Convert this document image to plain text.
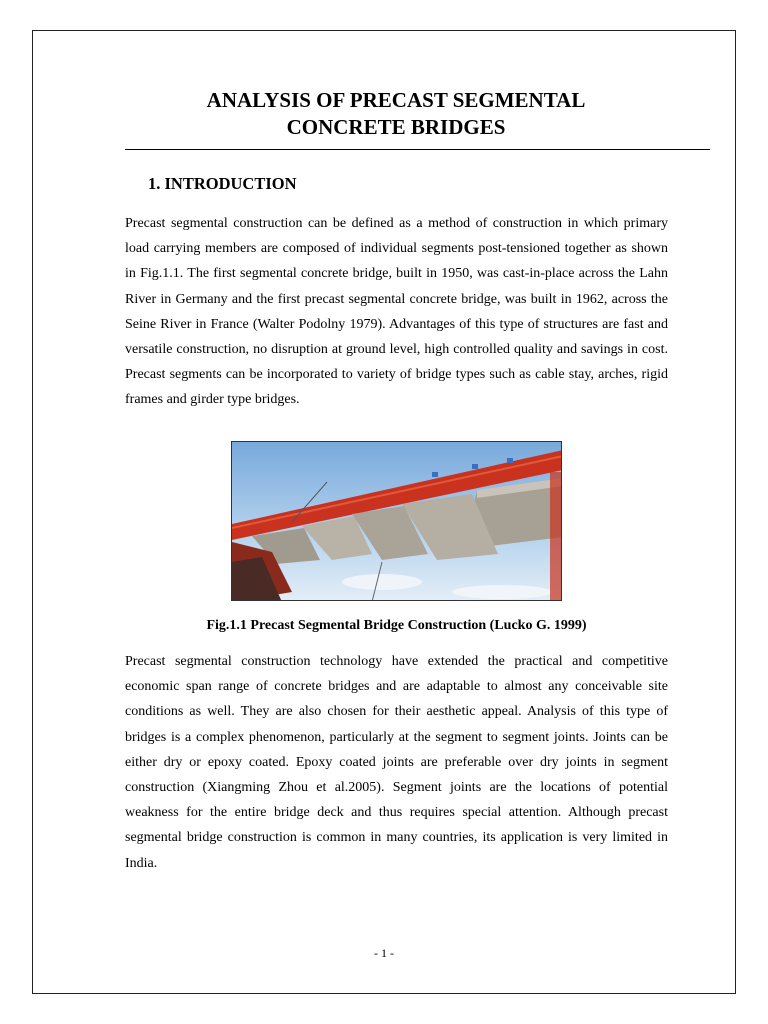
ANALYSIS OF PRECAST SEGMENTAL
CONCRETE BRIDGES
1. INTRODUCTION

Precast segmental construction can be defined as a method of construction in which primary load carrying members are composed of individual segments post-tensioned together as shown in Fig.1.1. The first segmental concrete bridge, built in 1950, was cast-in-place across the Lahn River in Germany and the first precast segmental concrete bridge, was built in 1962, across the Seine River in France (Walter Podolny 1979). Advantages of this type of structures are fast and versatile construction, no disruption at ground level, high controlled quality and savings in cost. Precast segments can be incorporated to variety of bridge types such as cable stay, arches, rigid frames and girder type bridges.

Fig.1.1 Precast Segmental Bridge Construction (Lucko G. 1999)

Precast segmental construction technology have extended the practical and competitive economic span range of concrete bridges and are adaptable to almost any conceivable site conditions as well. They are also chosen for their aesthetic appeal. Analysis of this type of bridges is a complex phenomenon, particularly at the segment to segment joints. Joints can be either dry or epoxy coated. Epoxy coated joints are preferable over dry joints in segment construction (Xiangming Zhou et al.2005). Segment joints are the locations of potential weakness for the entire bridge deck and thus requires special attention. Although precast segmental bridge construction is common in many countries, its application is very limited in India.

- 1 -
